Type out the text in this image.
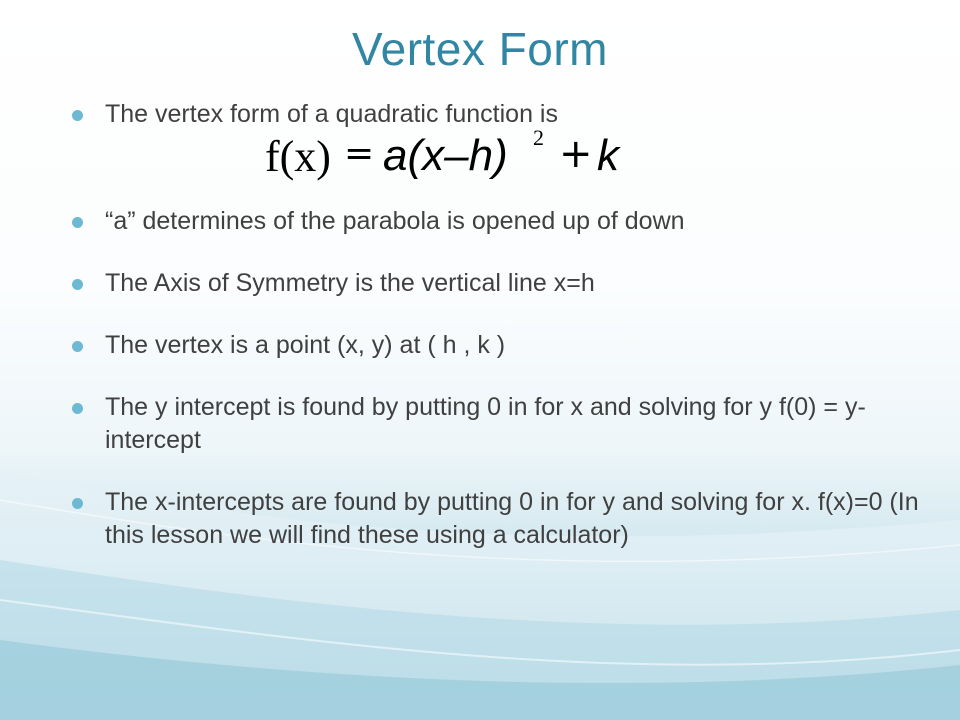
Vertex Form
The vertex form of a quadratic function is
f(x) = a(x–h) 2 + k
“a” determines of the parabola is opened up of down
The Axis of Symmetry is the vertical line x=h
The vertex is a point (x, y) at ( h , k )
The y intercept is found by putting 0 in for x and solving for y f(0) = y-intercept
The x-intercepts are found by putting 0 in for y and solving for x. f(x)=0 (In this lesson we will find these using a calculator)
